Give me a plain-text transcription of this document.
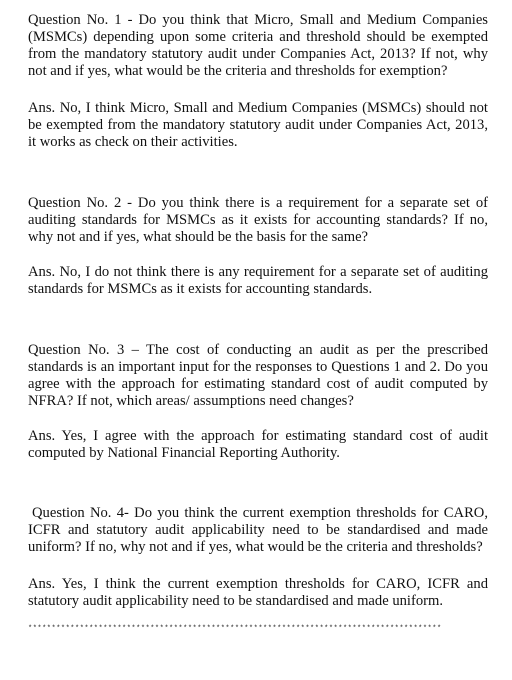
Question No. 1 - Do you think that Micro, Small and Medium Companies (MSMCs) depending upon some criteria and threshold should be exempted from the mandatory statutory audit under Companies Act, 2013? If not, why not and if yes, what would be the criteria and thresholds for exemption?

Ans. No, I think Micro, Small and Medium Companies (MSMCs) should not be exempted from the mandatory statutory audit under Companies Act, 2013, it works as check on their activities.

Question No. 2 - Do you think there is a requirement for a separate set of auditing standards for MSMCs as it exists for accounting standards? If no, why not and if yes, what should be the basis for the same?

Ans. No, I do not think there is any requirement for a separate set of auditing standards for MSMCs as it exists for accounting standards.

Question No. 3 – The cost of conducting an audit as per the prescribed standards is an important input for the responses to Questions 1 and 2. Do you agree with the approach for estimating standard cost of audit computed by NFRA? If not, which areas/ assumptions need changes?

Ans. Yes, I agree with the approach for estimating standard cost of audit computed by National Financial Reporting Authority.

Question No. 4- Do you think the current exemption thresholds for CARO, ICFR and statutory audit applicability need to be standardised and made uniform? If no, why not and if yes, what would be the criteria and thresholds?

Ans. Yes, I think the current exemption thresholds for CARO, ICFR and statutory audit applicability need to be standardised and made uniform.

****************************************************************************************
